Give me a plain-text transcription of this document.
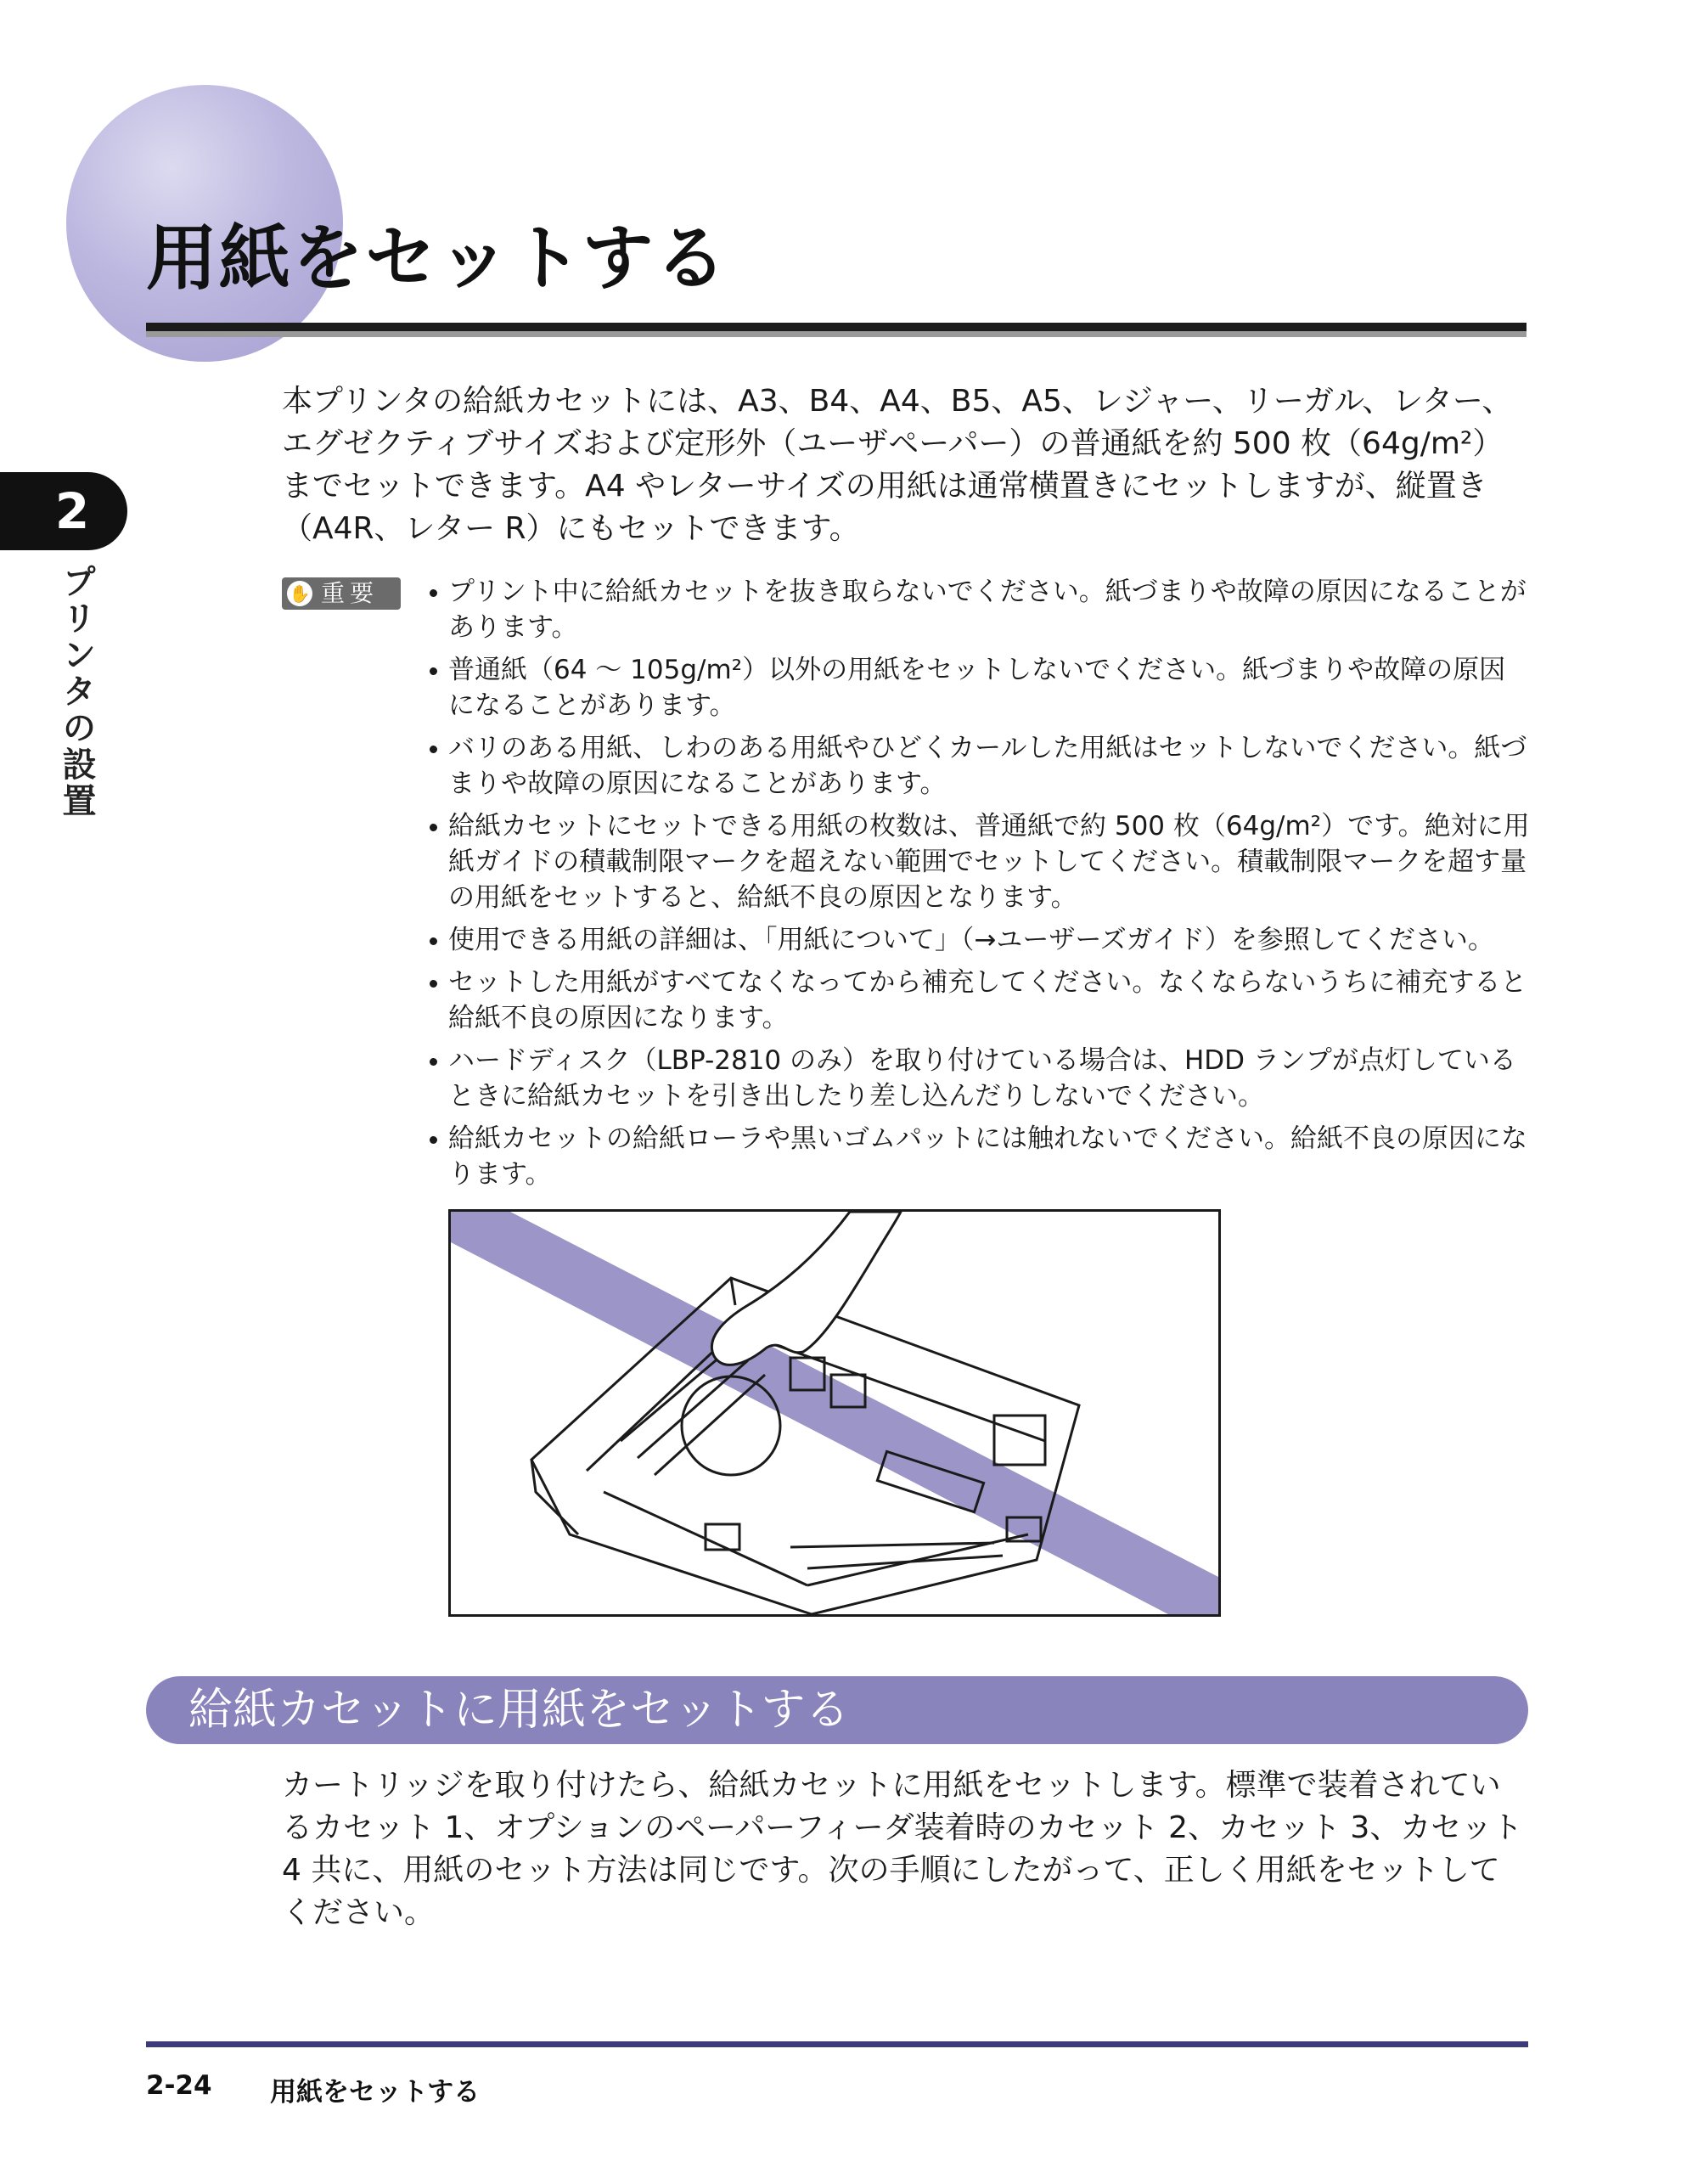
用紙をセットする
2
プリンタの設置
本プリンタの給紙カセットには、A3、B4、A4、B5、A5、レジャー、リーガル、レター、エグゼクティブサイズおよび定形外（ユーザペーパー）の普通紙を約 500 枚（64g/m²）までセットできます。A4 やレターサイズの用紙は通常横置きにセットしますが、縦置き（A4R、レター R）にもセットできます。
✋ 重要	プリント中に給紙カセットを抜き取らないでください。紙づまりや故障の原因になることがあります。
普通紙（64 ～ 105g/m²）以外の用紙をセットしないでください。紙づまりや故障の原因になることがあります。
バリのある用紙、しわのある用紙やひどくカールした用紙はセットしないでください。紙づまりや故障の原因になることがあります。
給紙カセットにセットできる用紙の枚数は、普通紙で約 500 枚（64g/m²）です。絶対に用紙ガイドの積載制限マークを超えない範囲でセットしてください。積載制限マークを超す量の用紙をセットすると、給紙不良の原因となります。
使用できる用紙の詳細は、「用紙について」（→ユーザーズガイド）を参照してください。
セットした用紙がすべてなくなってから補充してください。なくならないうちに補充すると給紙不良の原因になります。
ハードディスク（LBP-2810 のみ）を取り付けている場合は、HDD ランプが点灯しているときに給紙カセットを引き出したり差し込んだりしないでください。
給紙カセットの給紙ローラや黒いゴムパットには触れないでください。給紙不良の原因になります。
給紙カセットに用紙をセットする
カートリッジを取り付けたら、給紙カセットに用紙をセットします。標準で装着されているカセット 1、オプションのペーパーフィーダ装着時のカセット 2、カセット 3、カセット 4 共に、用紙のセット方法は同じです。次の手順にしたがって、正しく用紙をセットしてください。
2-24 用紙をセットする
